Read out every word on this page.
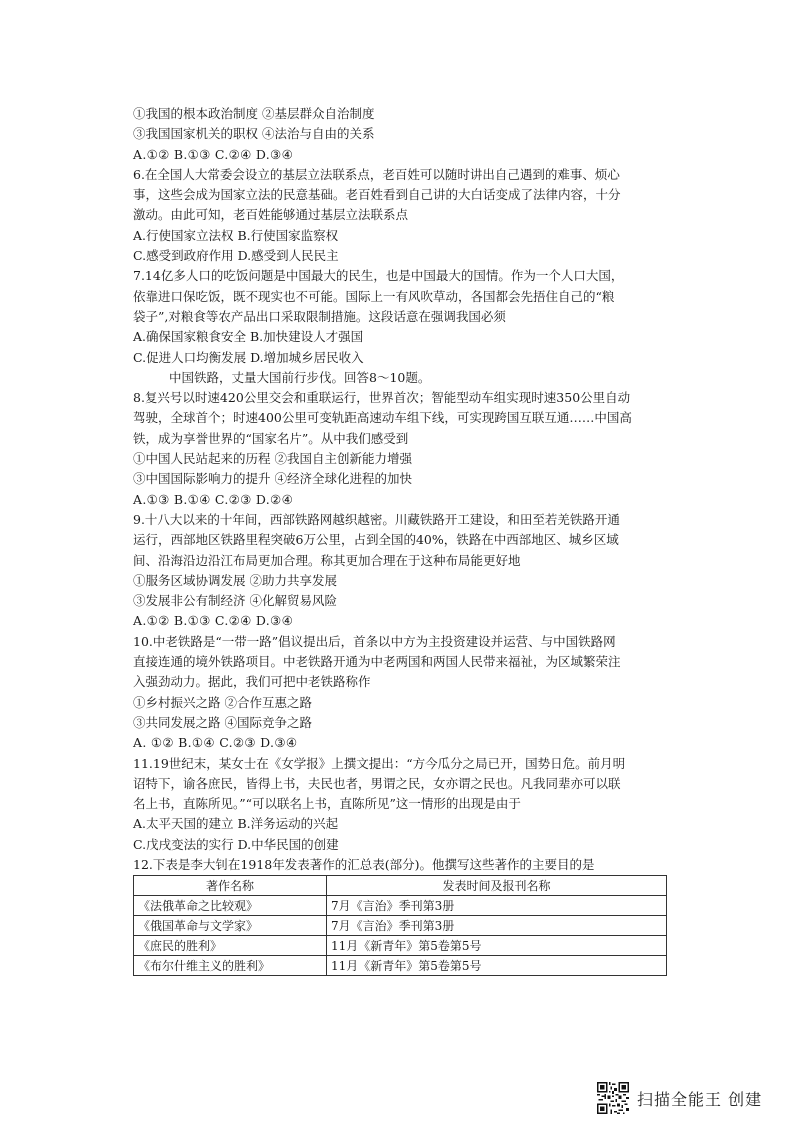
①我国的根本政治制度 ②基层群众自治制度
③我国国家机关的职权 ④法治与自由的关系
A.①② B.①③ C.②④ D.③④
6.在全国人大常委会设立的基层立法联系点，老百姓可以随时讲出自己遇到的难事、烦心
事，这些会成为国家立法的民意基础。老百姓看到自己讲的大白话变成了法律内容，十分
激动。由此可知，老百姓能够通过基层立法联系点
A.行使国家立法权 B.行使国家监察权
C.感受到政府作用 D.感受到人民民主
7.14亿多人口的吃饭问题是中国最大的民生，也是中国最大的国情。作为一个人口大国，
依靠进口保吃饭，既不现实也不可能。国际上一有风吹草动，各国都会先捂住自己的“粮
袋子”,对粮食等农产品出口采取限制措施。这段话意在强调我国必须
A.确保国家粮食安全 B.加快建设人才强国
C.促进人口均衡发展 D.增加城乡居民收入
中国铁路，丈量大国前行步伐。回答8～10题。
8.复兴号以时速420公里交会和重联运行，世界首次；智能型动车组实现时速350公里自动
驾驶，全球首个；时速400公里可变轨距高速动车组下线，可实现跨国互联互通……中国高
铁，成为享誉世界的“国家名片”。从中我们感受到
①中国人民站起来的历程 ②我国自主创新能力增强
③中国国际影响力的提升 ④经济全球化进程的加快
A.①③ B.①④ C.②③ D.②④
9.十八大以来的十年间，西部铁路网越织越密。川藏铁路开工建设，和田至若羌铁路开通
运行，西部地区铁路里程突破6万公里，占到全国的40%，铁路在中西部地区、城乡区域
间、沿海沿边沿江布局更加合理。称其更加合理在于这种布局能更好地
①服务区域协调发展 ②助力共享发展
③发展非公有制经济 ④化解贸易风险
A.①② B.①③ C.②④ D.③④
10.中老铁路是“一带一路”倡议提出后，首条以中方为主投资建设并运营、与中国铁路网
直接连通的境外铁路项目。中老铁路开通为中老两国和两国人民带来福祉，为区域繁荣注
入强劲动力。据此，我们可把中老铁路称作
①乡村振兴之路 ②合作互惠之路
③共同发展之路 ④国际竞争之路
A. ①② B.①④ C.②③ D.③④
11.19世纪末，某女士在《女学报》上撰文提出：“方今瓜分之局已开，国势日危。前月明
诏特下，谕各庶民，皆得上书，夫民也者，男谓之民，女亦谓之民也。凡我同辈亦可以联
名上书，直陈所见。”“可以联名上书，直陈所见”这一情形的出现是由于
A.太平天国的建立 B.洋务运动的兴起
C.戊戌变法的实行 D.中华民国的创建
12.下表是李大钊在1918年发表著作的汇总表(部分)。他撰写这些著作的主要目的是
著作名称	发表时间及报刊名称
《法俄革命之比较观》	7月《言治》季刊第3册
《俄国革命与文学家》	7月《言治》季刊第3册
《庶民的胜利》	11月《新青年》第5卷第5号
《布尔什维主义的胜利》	11月《新青年》第5卷第5号
扫描全能王 创建
